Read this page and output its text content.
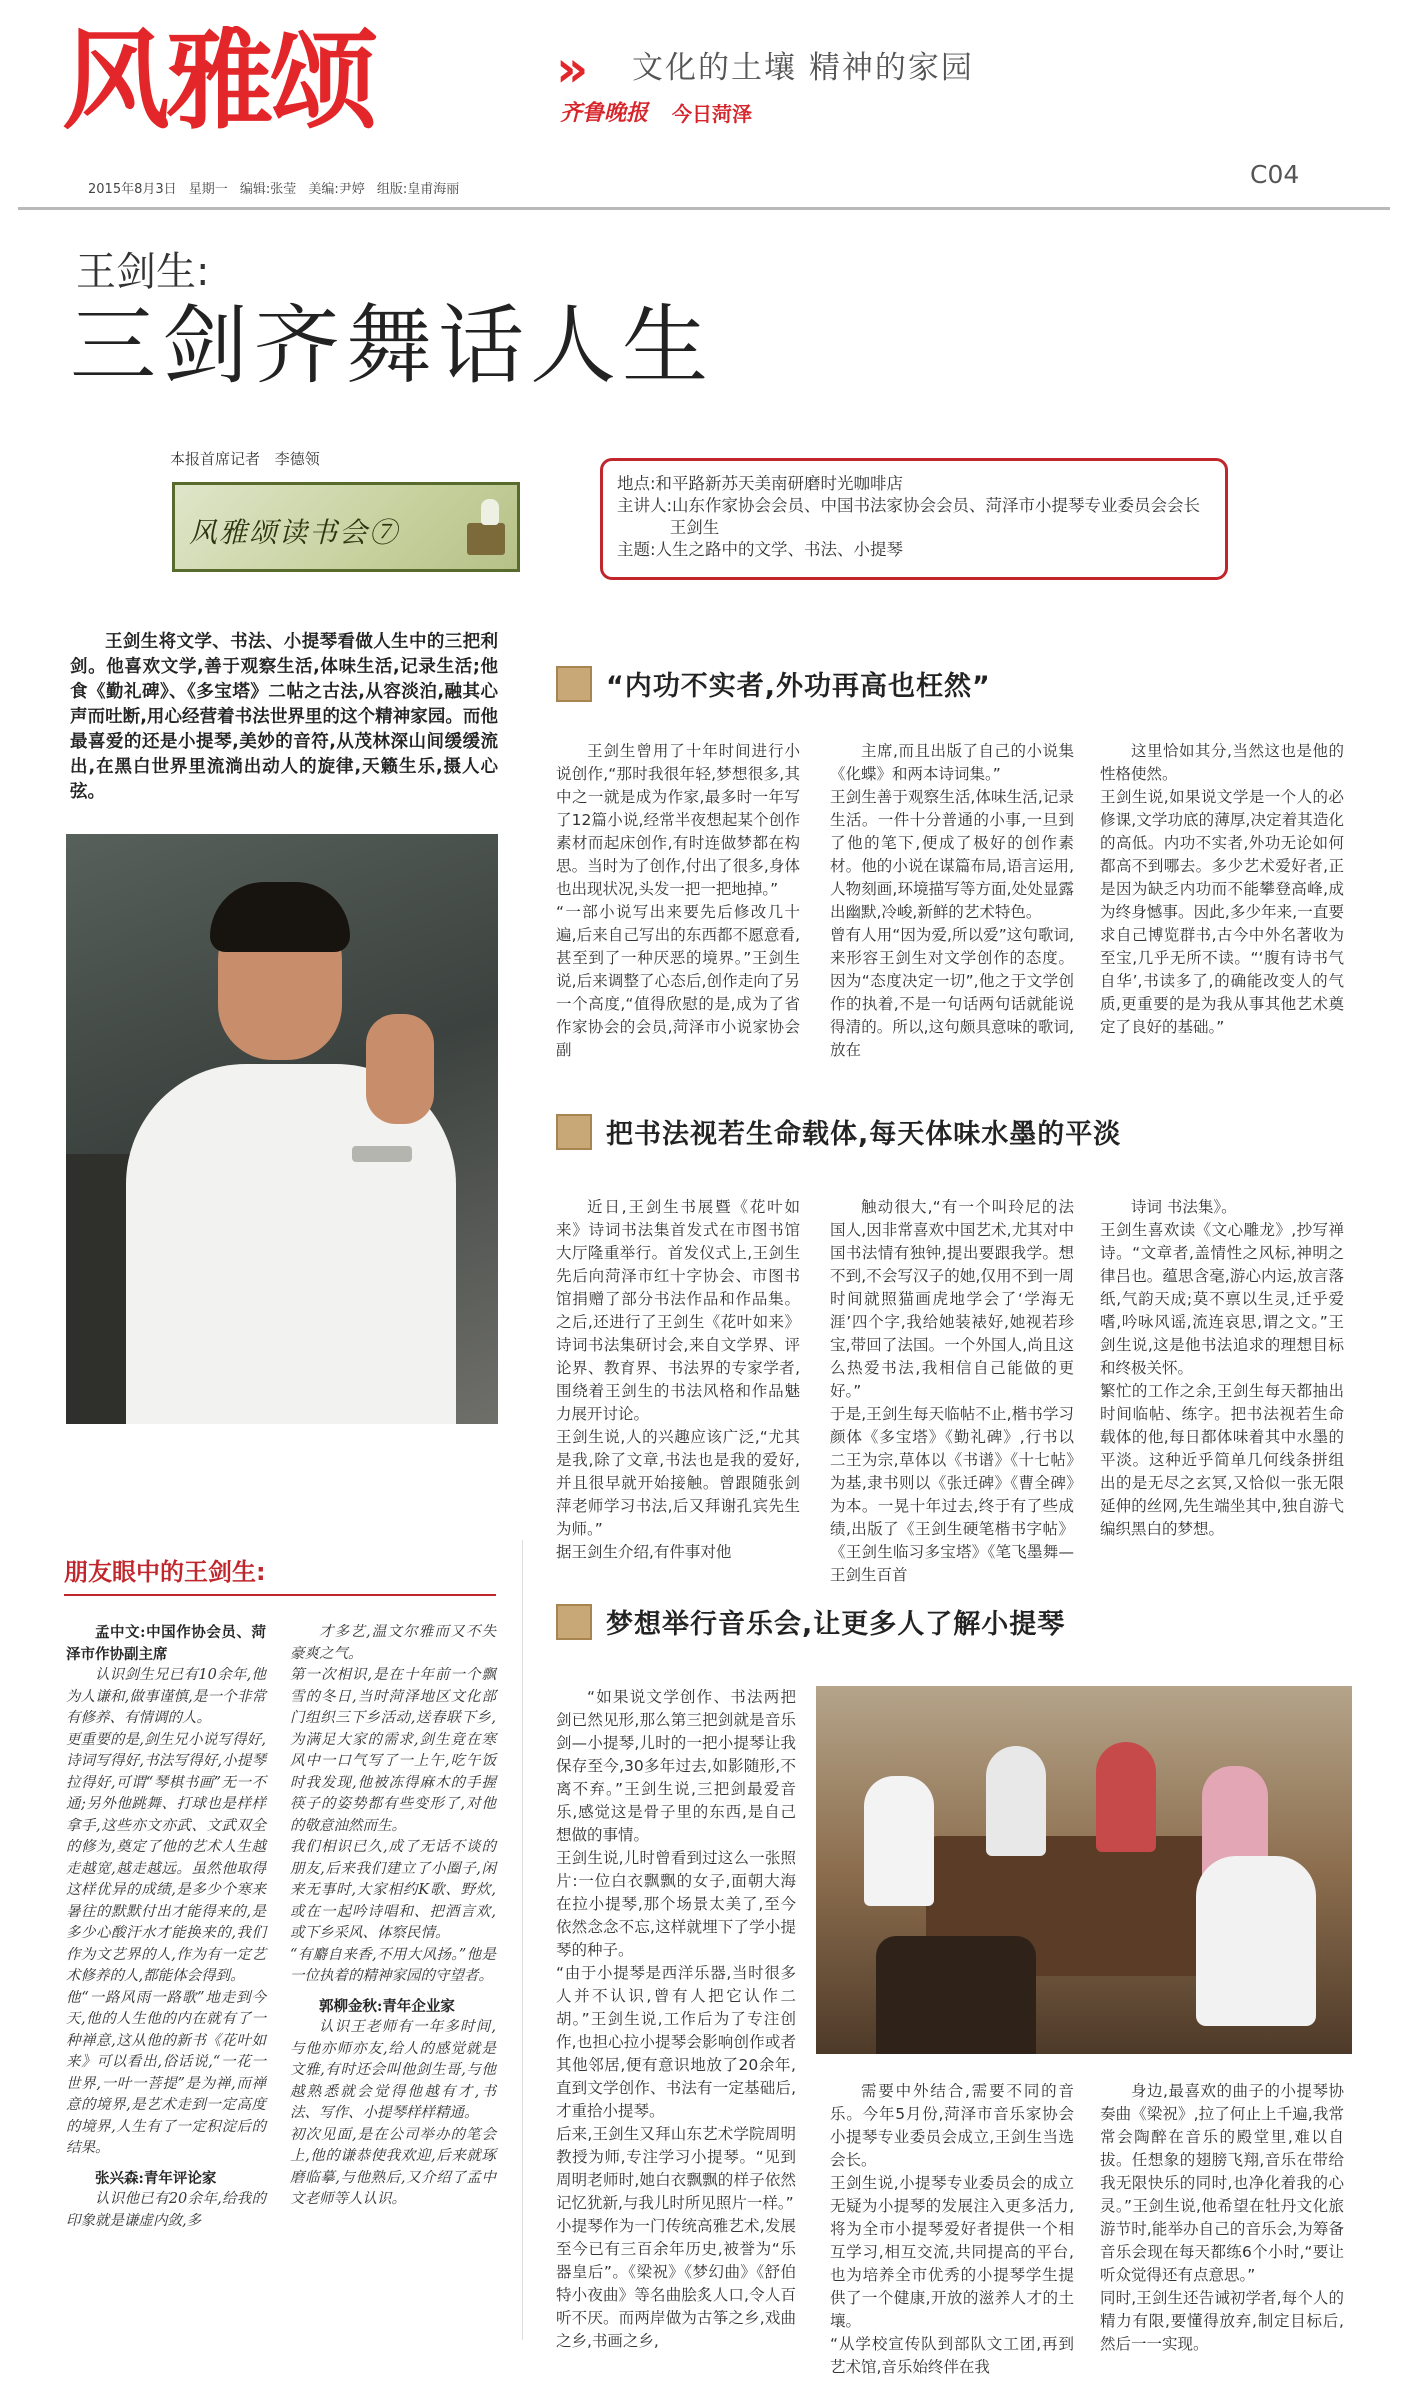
风雅颂	» 文化的土壤 精神的家园
齐鲁晚报 今日菏泽
2015年8月3日 星期一 编辑:张莹 美编:尹婷 组版:皇甫海丽
C04
王剑生:
三剑齐舞话人生
本报首席记者 李德领
风雅颂读书会⑦
地点:和平路新苏天美南研磨时光咖啡店
主讲人:山东作家协会会员、中国书法家协会会员、菏泽市小提琴专业委员会会长王剑生
主题:人生之路中的文学、书法、小提琴

王剑生将文学、书法、小提琴看做人生中的三把利剑。他喜欢文学,善于观察生活,体味生活,记录生活;他食《勤礼碑》、《多宝塔》二帖之古法,从容淡泊,融其心声而吐断,用心经营着书法世界里的这个精神家园。而他最喜爱的还是小提琴,美妙的音符,从茂林深山间缓缓流出,在黑白世界里流淌出动人的旋律,天籁生乐,摄人心弦。

“内功不实者,外功再高也枉然”
王剑生曾用了十年时间进行小说创作,“那时我很年轻,梦想很多,其中之一就是成为作家,最多时一年写了12篇小说,经常半夜想起某个创作素材而起床创作,有时连做梦都在构思。当时为了创作,付出了很多,身体也出现状况,头发一把一把地掉。”
“一部小说写出来要先后修改几十遍,后来自己写出的东西都不愿意看,甚至到了一种厌恶的境界。”王剑生说,后来调整了心态后,创作走向了另一个高度,“值得欣慰的是,成为了省作家协会的会员,菏泽市小说家协会副
主席,而且出版了自己的小说集《化蝶》和两本诗词集。”
王剑生善于观察生活,体味生活,记录生活。一件十分普通的小事,一旦到了他的笔下,便成了极好的创作素材。他的小说在谋篇布局,语言运用,人物刻画,环境描写等方面,处处显露出幽默,冷峻,新鲜的艺术特色。
曾有人用“因为爱,所以爱”这句歌词,来形容王剑生对文学创作的态度。因为“态度决定一切”,他之于文学创作的执着,不是一句话两句话就能说得清的。所以,这句颇具意味的歌词,放在
这里恰如其分,当然这也是他的性格使然。
王剑生说,如果说文学是一个人的必修课,文学功底的薄厚,决定着其造化的高低。内功不实者,外功无论如何都高不到哪去。多少艺术爱好者,正是因为缺乏内功而不能攀登高峰,成为终身憾事。因此,多少年来,一直要求自己博览群书,古今中外名著收为至宝,几乎无所不读。“‘腹有诗书气自华’,书读多了,的确能改变人的气质,更重要的是为我从事其他艺术奠定了良好的基础。”
把书法视若生命载体,每天体味水墨的平淡
近日,王剑生书展暨《花叶如来》诗词书法集首发式在市图书馆大厅隆重举行。首发仪式上,王剑生先后向菏泽市红十字协会、市图书馆捐赠了部分书法作品和作品集。之后,还进行了王剑生《花叶如来》诗词书法集研讨会,来自文学界、评论界、教育界、书法界的专家学者,围绕着王剑生的书法风格和作品魅力展开讨论。
王剑生说,人的兴趣应该广泛,“尤其是我,除了文章,书法也是我的爱好,并且很早就开始接触。曾跟随张剑萍老师学习书法,后又拜谢孔宾先生为师。”
据王剑生介绍,有件事对他
触动很大,“有一个叫玲尼的法国人,因非常喜欢中国艺术,尤其对中国书法情有独钟,提出要跟我学。想不到,不会写汉子的她,仅用不到一周时间就照猫画虎地学会了‘学海无涯’四个字,我给她装裱好,她视若珍宝,带回了法国。一个外国人,尚且这么热爱书法,我相信自己能做的更好。”
于是,王剑生每天临帖不止,楷书学习颜体《多宝塔》《勤礼碑》,行书以二王为宗,草体以《书谱》《十七帖》为基,隶书则以《张迁碑》《曹全碑》为本。一晃十年过去,终于有了些成绩,出版了《王剑生硬笔楷书字帖》《王剑生临习多宝塔》《笔飞墨舞—王剑生百首
诗词 书法集》。
王剑生喜欢读《文心雕龙》,抄写禅诗。“文章者,盖情性之风标,神明之律吕也。蕴思含毫,游心内运,放言落纸,气韵天成;莫不禀以生灵,迁乎爱嗜,吟咏风谣,流连哀思,谓之文。”王剑生说,这是他书法追求的理想目标和终极关怀。
繁忙的工作之余,王剑生每天都抽出时间临帖、练字。把书法视若生命载体的他,每日都体味着其中水墨的平淡。这种近乎简单几何线条拼组出的是无尽之玄冥,又恰似一张无限延伸的丝网,先生端坐其中,独自游弋编织黑白的梦想。
朋友眼中的王剑生:
孟中文:中国作协会员、菏泽市作协副主席
认识剑生兄已有10余年,他为人谦和,做事谨慎,是一个非常有修养、有情调的人。
更重要的是,剑生兄小说写得好,诗词写得好,书法写得好,小提琴拉得好,可谓“琴棋书画”无一不通;另外他跳舞、打球也是样样拿手,这些亦文亦武、文武双全的修为,奠定了他的艺术人生越走越宽,越走越远。虽然他取得这样优异的成绩,是多少个寒来暑往的默默付出才能得来的,是多少心酸汗水才能换来的,我们作为文艺界的人,作为有一定艺术修养的人,都能体会得到。
他“一路风雨一路歌”地走到今天,他的人生他的内在就有了一种禅意,这从他的新书《花叶如来》可以看出,俗话说,“一花一世界,一叶一菩提”是为禅,而禅意的境界,是艺术走到一定高度的境界,人生有了一定积淀后的结果。
张兴森:青年评论家
认识他已有20余年,给我的印象就是谦虚内敛,多
才多艺,温文尔雅而又不失豪爽之气。
第一次相识,是在十年前一个飘雪的冬日,当时菏泽地区文化部门组织三下乡活动,送春联下乡,为满足大家的需求,剑生竟在寒风中一口气写了一上午,吃午饭时我发现,他被冻得麻木的手握筷子的姿势都有些变形了,对他的敬意油然而生。
我们相识已久,成了无话不谈的朋友,后来我们建立了小圈子,闲来无事时,大家相约K歌、野炊,或在一起吟诗唱和、把酒言欢,或下乡采风、体察民情。
“有麝自来香,不用大风扬。”他是一位执着的精神家园的守望者。
郭柳金秋:青年企业家
认识王老师有一年多时间,与他亦师亦友,给人的感觉就是文雅,有时还会叫他剑生哥,与他越熟悉就会觉得他越有才,书法、写作、小提琴样样精通。
初次见面,是在公司举办的笔会上,他的谦恭使我欢迎,后来就琢磨临摹,与他熟后,又介绍了孟中文老师等人认识。
梦想举行音乐会,让更多人了解小提琴
“如果说文学创作、书法两把剑已然见形,那么第三把剑就是音乐剑—小提琴,儿时的一把小提琴让我保存至今,30多年过去,如影随形,不离不弃。”王剑生说,三把剑最爱音乐,感觉这是骨子里的东西,是自己想做的事情。
王剑生说,儿时曾看到过这么一张照片:一位白衣飘飘的女子,面朝大海在拉小提琴,那个场景太美了,至今依然念念不忘,这样就埋下了学小提琴的种子。
“由于小提琴是西洋乐器,当时很多人并不认识,曾有人把它认作二胡。”王剑生说,工作后为了专注创作,也担心拉小提琴会影响创作或者其他邻居,便有意识地放了20余年,直到文学创作、书法有一定基础后,才重拾小提琴。
后来,王剑生又拜山东艺术学院周明教授为师,专注学习小提琴。“见到周明老师时,她白衣飘飘的样子依然记忆犹新,与我儿时所见照片一样。”
小提琴作为一门传统高雅艺术,发展至今已有三百余年历史,被誉为“乐器皇后”。《梁祝》《梦幻曲》《舒伯特小夜曲》等名曲脍炙人口,令人百听不厌。而两岸做为古筝之乡,戏曲之乡,书画之乡,
需要中外结合,需要不同的音乐。今年5月份,菏泽市音乐家协会小提琴专业委员会成立,王剑生当选会长。
王剑生说,小提琴专业委员会的成立无疑为小提琴的发展注入更多活力,将为全市小提琴爱好者提供一个相互学习,相互交流,共同提高的平台,也为培养全市优秀的小提琴学生提供了一个健康,开放的滋养人才的土壤。
“从学校宣传队到部队文工团,再到艺术馆,音乐始终伴在我
身边,最喜欢的曲子的小提琴协奏曲《梁祝》,拉了何止上千遍,我常常会陶醉在音乐的殿堂里,难以自拔。任想象的翅膀飞翔,音乐在带给我无限快乐的同时,也净化着我的心灵。”王剑生说,他希望在牡丹文化旅游节时,能举办自己的音乐会,为筹备音乐会现在每天都练6个小时,“要让听众觉得还有点意思。”
同时,王剑生还告诫初学者,每个人的精力有限,要懂得放弃,制定目标后,然后一一实现。
